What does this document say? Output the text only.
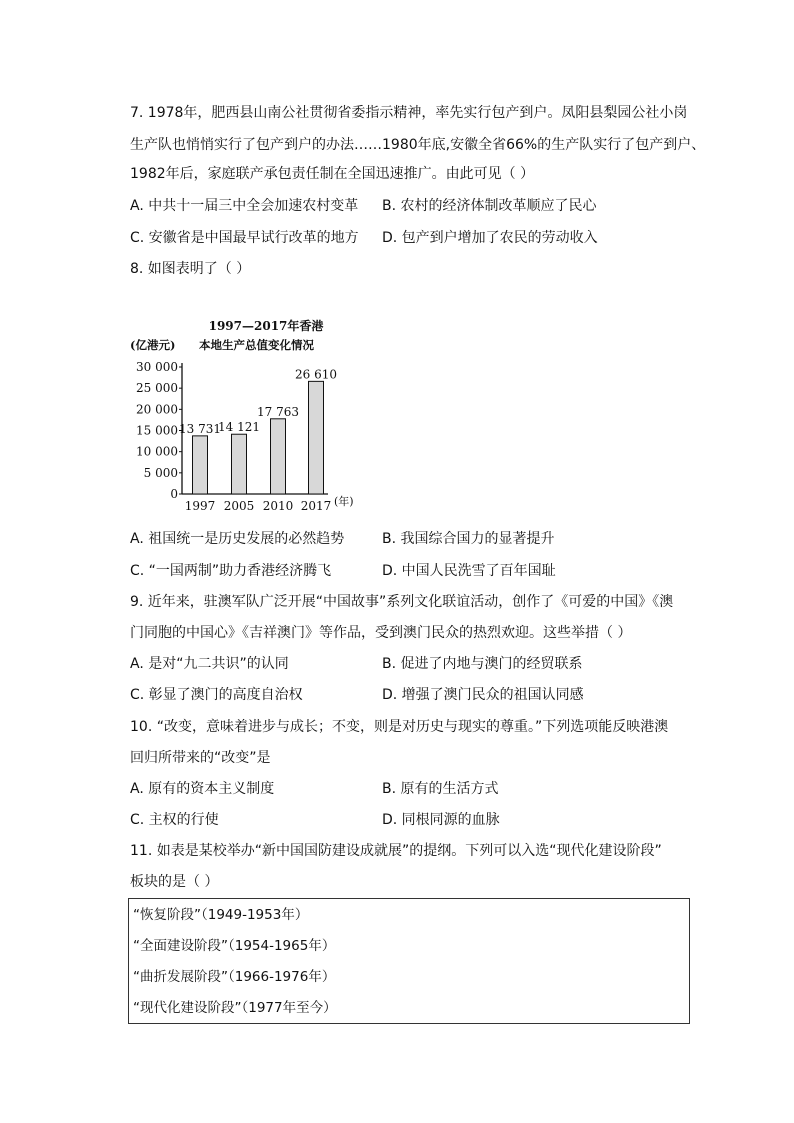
7. 1978年，肥西县山南公社贯彻省委指示精神，率先实行包产到户。凤阳县梨园公社小岗
生产队也悄悄实行了包产到户的办法……1980年底,安徽全省66%的生产队实行了包产到户、
1982年后，家庭联产承包责任制在全国迅速推广。由此可见（ ）
A. 中共十一届三中全会加速农村变革 B. 农村的经济体制改革顺应了民心
C. 安徽省是中国最早试行改革的地方 D. 包产到户增加了农民的劳动收入
8. 如图表明了（ ）
1997—2017年香港
(亿港元) 本地生产总值变化情况
0
5 000
10 000
15 000
20 000
25 000
30 000
13 731
14 121
17 763
26 610
1997 2005 2010 2017 (年)
A. 祖国统一是历史发展的必然趋势	B. 我国综合国力的显著提升
C. “一国两制”助力香港经济腾飞	D. 中国人民洗雪了百年国耻
9. 近年来，驻澳军队广泛开展“中国故事”系列文化联谊活动，创作了《可爱的中国》《澳
门同胞的中国心》《吉祥澳门》等作品，受到澳门民众的热烈欢迎。这些举措（ ）
A. 是对“九二共识”的认同	B. 促进了内地与澳门的经贸联系
C. 彰显了澳门的高度自治权	D. 增强了澳门民众的祖国认同感
10. “改变，意味着进步与成长；不变，则是对历史与现实的尊重。”下列选项能反映港澳
回归所带来的“改变”是
A. 原有的资本主义制度	B. 原有的生活方式
C. 主权的行使	D. 同根同源的血脉
11. 如表是某校举办“新中国国防建设成就展”的提纲。下列可以入选“现代化建设阶段”
板块的是（ ）
“恢复阶段”（1949-1953年）
“全面建设阶段”（1954-1965年）
“曲折发展阶段”（1966-1976年）
“现代化建设阶段”（1977年至今）
